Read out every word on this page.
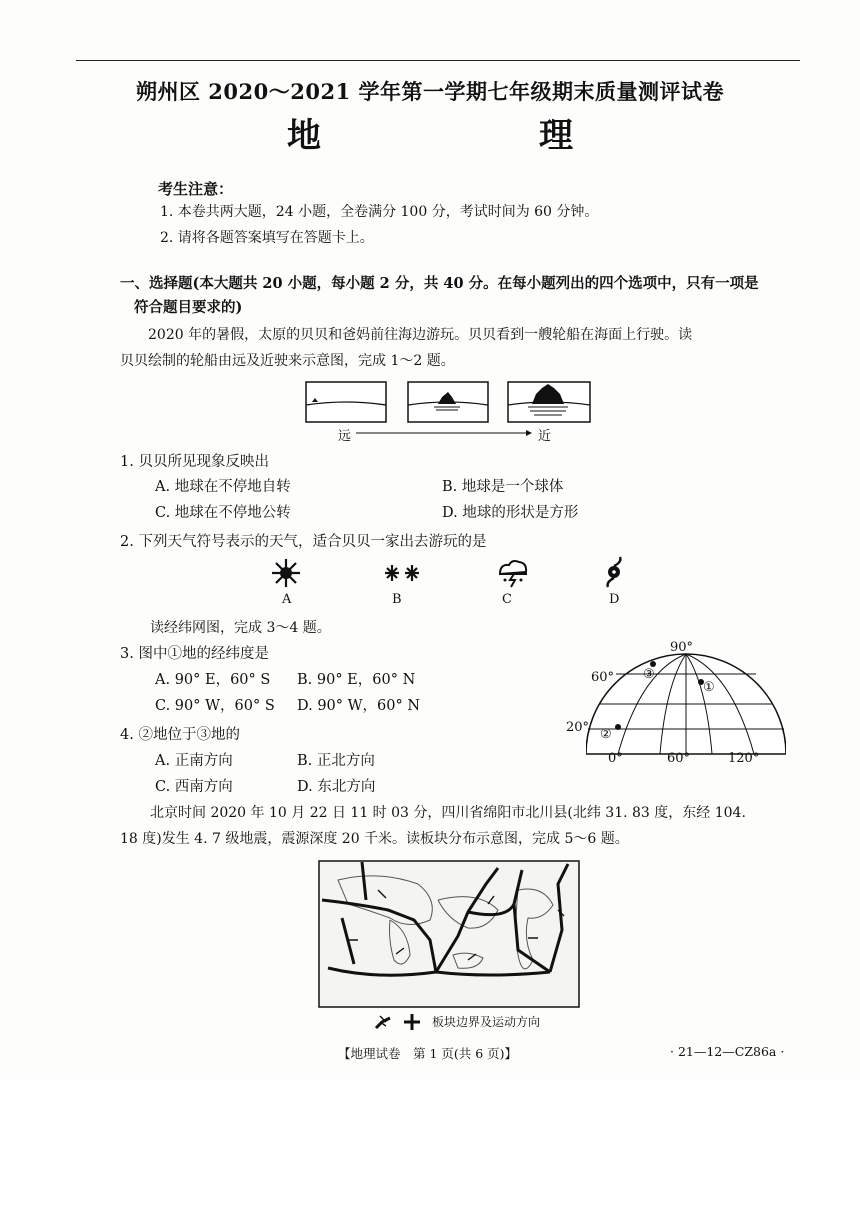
朔州区 2020～2021 学年第一学期七年级期末质量测评试卷
地　　理
考生注意：
1. 本卷共两大题，24 小题，全卷满分 100 分，考试时间为 60 分钟。
2. 请将各题答案填写在答题卡上。
一、选择题(本大题共 20 小题，每小题 2 分，共 40 分。在每小题列出的四个选项中，只有一项是
符合题目要求的)
2020 年的暑假，太原的贝贝和爸妈前往海边游玩。贝贝看到一艘轮船在海面上行驶。读
贝贝绘制的轮船由远及近驶来示意图，完成 1～2 题。
远	近
1. 贝贝所见现象反映出
A. 地球在不停地自转	B. 地球是一个球体
C. 地球在不停地公转	D. 地球的形状是方形
2. 下列天气符号表示的天气，适合贝贝一家出去游玩的是
A	B	C	D
读经纬网图，完成 3～4 题。
3. 图中①地的经纬度是
A. 90° E，60° S B. 90° E，60° N
C. 90° W，60° S D. 90° W，60° N
4. ②地位于③地的
A. 正南方向	B. 正北方向
C. 西南方向	D. 东北方向
90°
60°
20°
0°	60°	120°
①
②
③
北京时间 2020 年 10 月 22 日 11 时 03 分，四川省绵阳市北川县(北纬 31. 83 度，东经 104.
18 度)发生 4. 7 级地震，震源深度 20 千米。读板块分布示意图，完成 5～6 题。
板块边界及运动方向
【地理试卷　第 1 页(共 6 页)】	· 21—12—CZ86a ·
